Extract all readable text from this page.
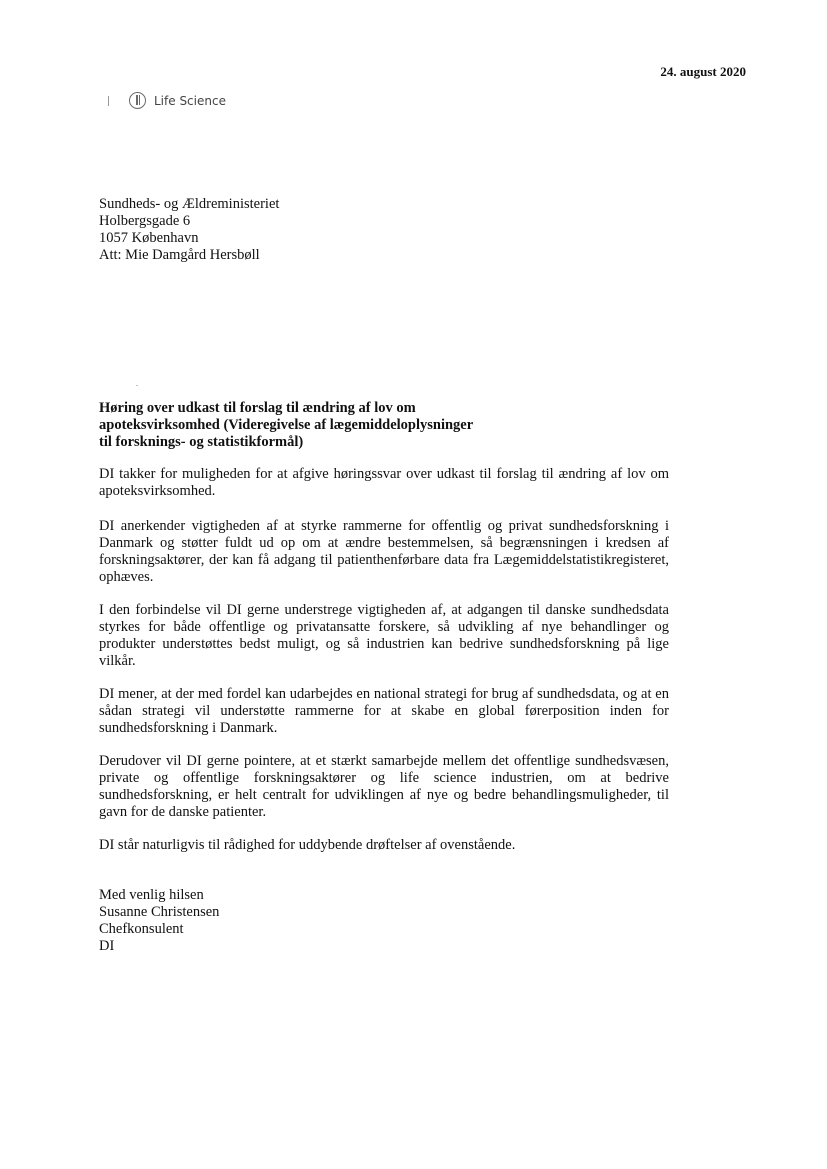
24. august 2020
Life Science
Sundheds- og Ældreministeriet
Holbergsgade 6
1057 København
Att: Mie Damgård Hersbøll
Høring over udkast til forslag til ændring af lov om
apoteksvirksomhed (Videregivelse af lægemiddeloplysninger
til forsknings- og statistikformål)
DI takker for muligheden for at afgive høringssvar over udkast til forslag til ændring af lov om apoteksvirksomhed.
DI anerkender vigtigheden af at styrke rammerne for offentlig og privat sundhedsforskning i Danmark og støtter fuldt ud op om at ændre bestemmelsen, så begrænsningen i kredsen af forskningsaktører, der kan få adgang til patienthenførbare data fra Lægemiddelstatistikregisteret, ophæves.
I den forbindelse vil DI gerne understrege vigtigheden af, at adgangen til danske sundhedsdata styrkes for både offentlige og privatansatte forskere, så udvikling af nye behandlinger og produkter understøttes bedst muligt, og så industrien kan bedrive sundhedsforskning på lige vilkår.
DI mener, at der med fordel kan udarbejdes en national strategi for brug af sundhedsdata, og at en sådan strategi vil understøtte rammerne for at skabe en global førerposition inden for sundhedsforskning i Danmark.
Derudover vil DI gerne pointere, at et stærkt samarbejde mellem det offentlige sundhedsvæsen, private og offentlige forskningsaktører og life science industrien, om at bedrive sundhedsforskning, er helt centralt for udviklingen af nye og bedre behandlingsmuligheder, til gavn for de danske patienter.
DI står naturligvis til rådighed for uddybende drøftelser af ovenstående.
Med venlig hilsen
Susanne Christensen
Chefkonsulent
DI
